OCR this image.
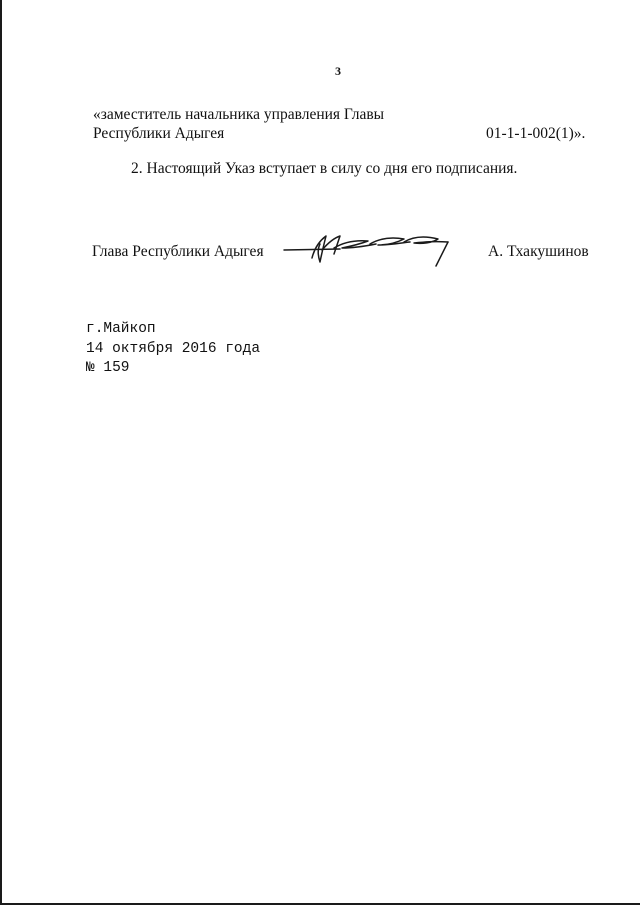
3
«заместитель начальника управления Главы
Республики Адыгея	01-1-1-002(1)».
2. Настоящий Указ вступает в силу со дня его подписания.
Глава Республики Адыгея	А. Тхакушинов
г.Майкоп
14 октября 2016 года
№ 159
